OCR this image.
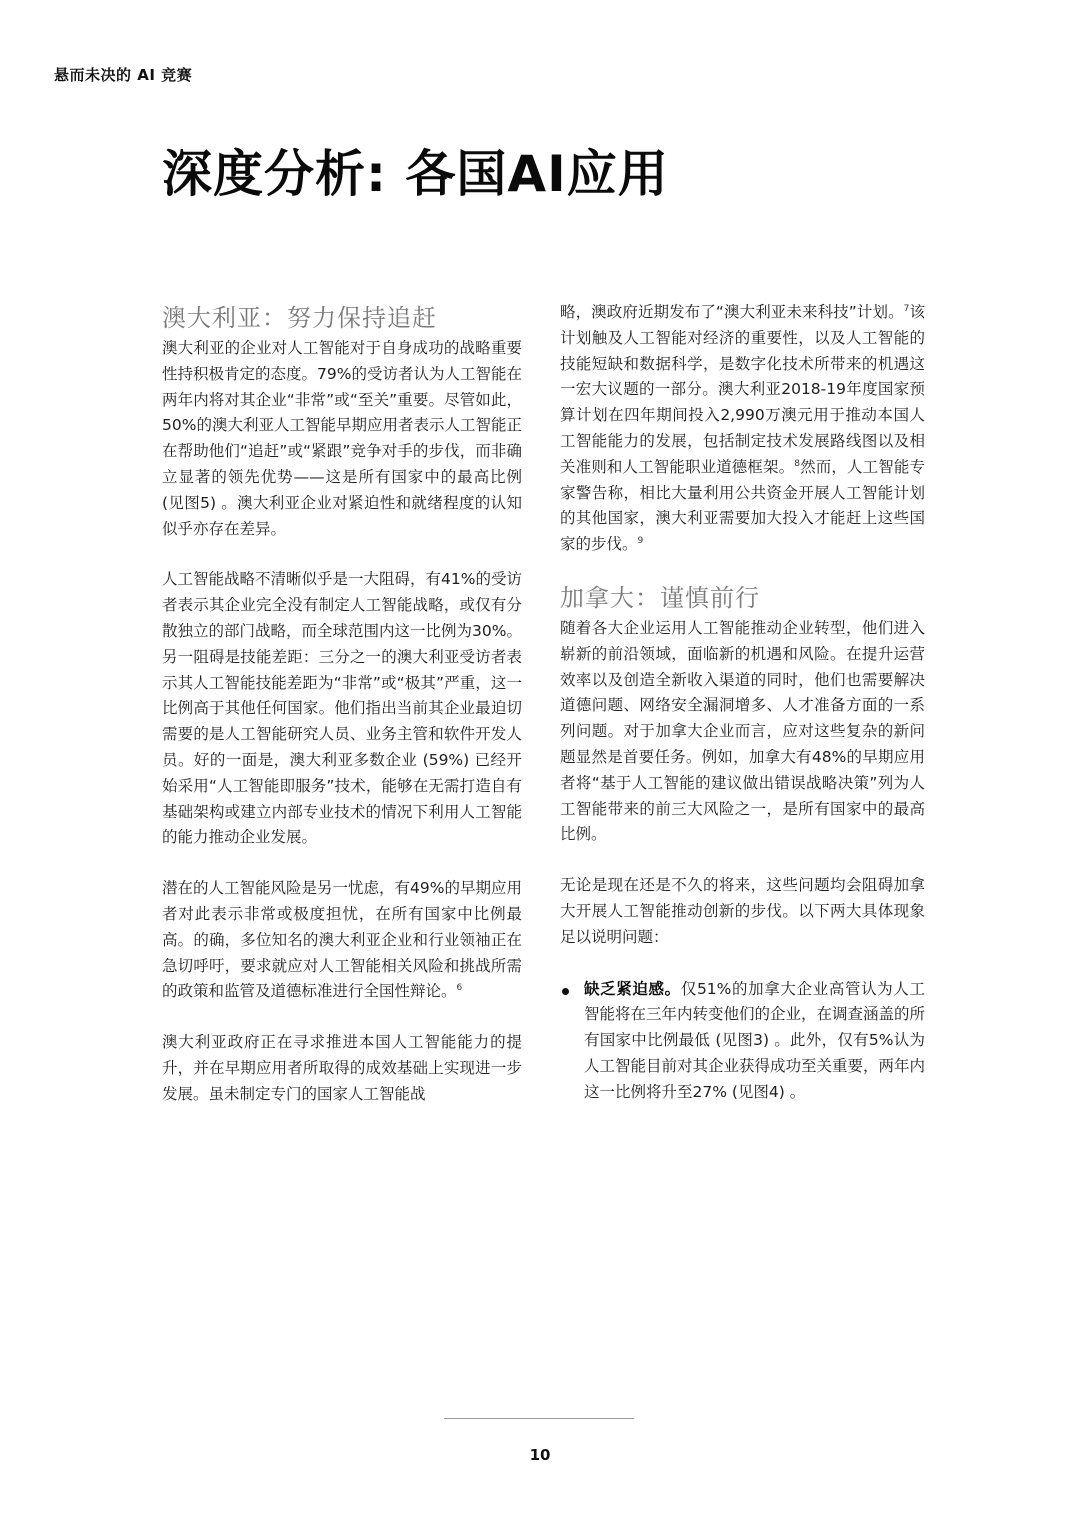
悬而未决的 AI 竞赛
深度分析: 各国AI应用
澳大利亚：努力保持追赶

澳大利亚的企业对人工智能对于自身成功的战略重要性持积极肯定的态度。79%的受访者认为人工智能在两年内将对其企业“非常”或“至关”重要。尽管如此，50%的澳大利亚人工智能早期应用者表示人工智能正在帮助他们“追赶”或“紧跟”竞争对手的步伐，而非确立显著的领先优势——这是所有国家中的最高比例 (见图5) 。澳大利亚企业对紧迫性和就绪程度的认知似乎亦存在差异。

人工智能战略不清晰似乎是一大阻碍，有41%的受访者表示其企业完全没有制定人工智能战略，或仅有分散独立的部门战略，而全球范围内这一比例为30%。另一阻碍是技能差距：三分之一的澳大利亚受访者表示其人工智能技能差距为“非常”或“极其”严重，这一比例高于其他任何国家。他们指出当前其企业最迫切需要的是人工智能研究人员、业务主管和软件开发人员。好的一面是，澳大利亚多数企业 (59%) 已经开始采用“人工智能即服务”技术，能够在无需打造自有基础架构或建立内部专业技术的情况下利用人工智能的能力推动企业发展。

潜在的人工智能风险是另一忧虑，有49%的早期应用者对此表示非常或极度担忧，在所有国家中比例最高。的确，多位知名的澳大利亚企业和行业领袖正在急切呼吁，要求就应对人工智能相关风险和挑战所需的政策和监管及道德标准进行全国性辩论。$^6$

澳大利亚政府正在寻求推进本国人工智能能力的提升，并在早期应用者所取得的成效基础上实现进一步发展。虽未制定专门的国家人工智能战

略，澳政府近期发布了“澳大利亚未来科技”计划。$^7$该计划触及人工智能对经济的重要性，以及人工智能的技能短缺和数据科学，是数字化技术所带来的机遇这一宏大议题的一部分。澳大利亚2018-19年度国家预算计划在四年期间投入2,990万澳元用于推动本国人工智能能力的发展，包括制定技术发展路线图以及相关准则和人工智能职业道德框架。$^8$然而，人工智能专家警告称，相比大量利用公共资金开展人工智能计划的其他国家，澳大利亚需要加大投入才能赶上这些国家的步伐。$^9$

加拿大：谨慎前行

随着各大企业运用人工智能推动企业转型，他们进入崭新的前沿领域，面临新的机遇和风险。在提升运营效率以及创造全新收入渠道的同时，他们也需要解决道德问题、网络安全漏洞增多、人才准备方面的一系列问题。对于加拿大企业而言，应对这些复杂的新问题显然是首要任务。例如，加拿大有48%的早期应用者将“基于人工智能的建议做出错误战略决策”列为人工智能带来的前三大风险之一，是所有国家中的最高比例。

无论是现在还是不久的将来，这些问题均会阻碍加拿大开展人工智能推动创新的步伐。以下两大具体现象足以说明问题：

缺乏紧迫感。仅51%的加拿大企业高管认为人工智能将在三年内转变他们的企业，在调查涵盖的所有国家中比例最低 (见图3) 。此外，仅有5%认为人工智能目前对其企业获得成功至关重要，两年内这一比例将升至27% (见图4) 。
10
